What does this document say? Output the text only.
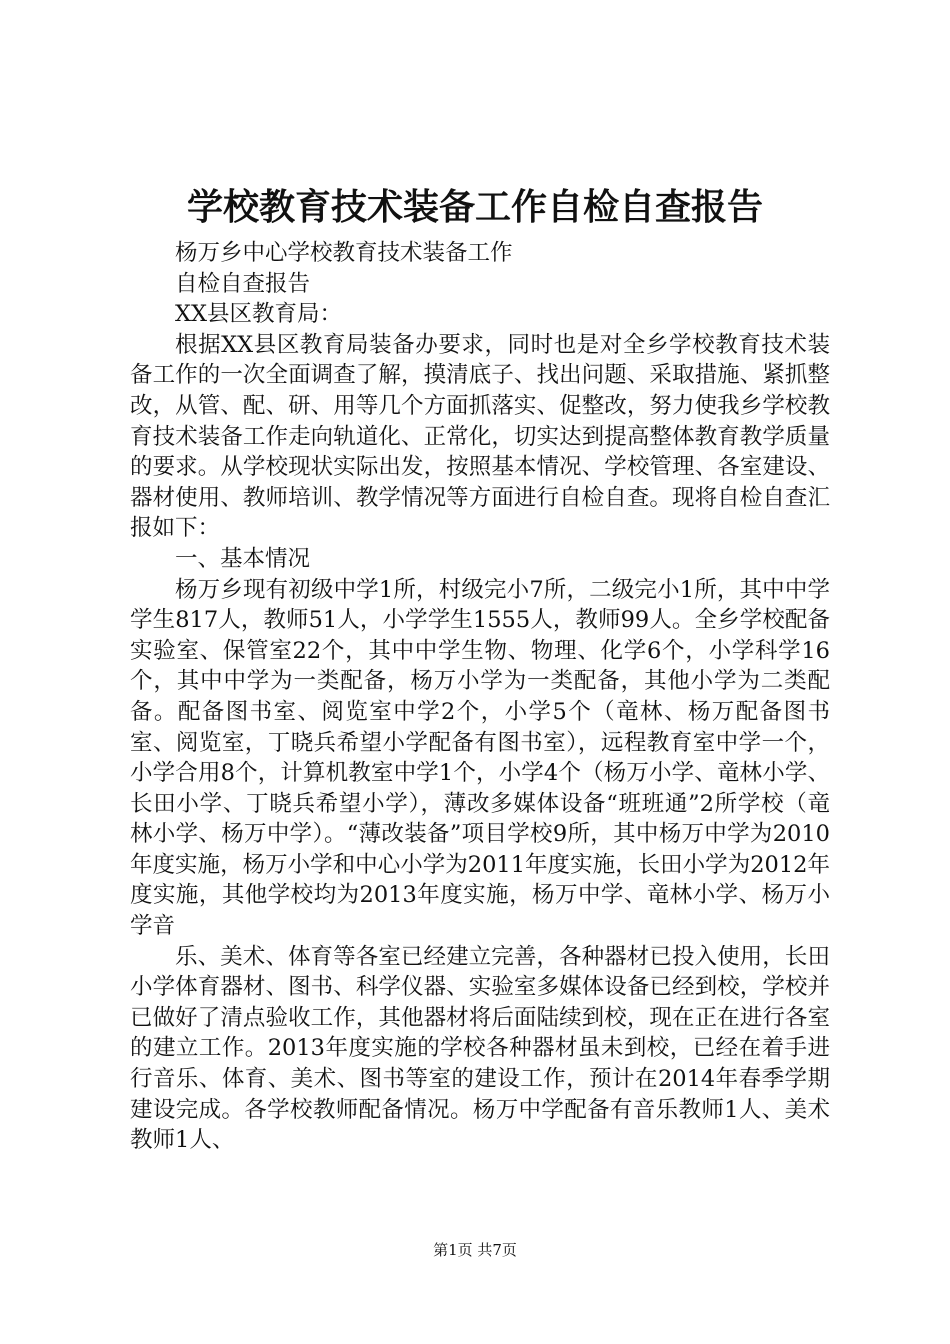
学校教育技术装备工作自检自查报告

杨万乡中心学校教育技术装备工作

自检自查报告

XX县区教育局：

根据XX县区教育局装备办要求，同时也是对全乡学校教育技术装备工作的一次全面调查了解，摸清底子、找出问题、采取措施、紧抓整改，从管、配、研、用等几个方面抓落实、促整改，努力使我乡学校教育技术装备工作走向轨道化、正常化，切实达到提高整体教育教学质量的要求。从学校现状实际出发，按照基本情况、学校管理、各室建设、器材使用、教师培训、教学情况等方面进行自检自查。现将自检自查汇报如下：

一、基本情况

杨万乡现有初级中学1所，村级完小7所，二级完小1所，其中中学学生817人，教师51人，小学学生1555人，教师99人。全乡学校配备实验室、保管室22个，其中中学生物、物理、化学6个，小学科学16个，其中中学为一类配备，杨万小学为一类配备，其他小学为二类配备。配备图书室、阅览室中学2个，小学5个（竜林、杨万配备图书室、阅览室，丁晓兵希望小学配备有图书室），远程教育室中学一个，小学合用8个，计算机教室中学1个，小学4个（杨万小学、竜林小学、长田小学、丁晓兵希望小学），薄改多媒体设备“班班通”2所学校（竜林小学、杨万中学）。“薄改装备”项目学校9所，其中杨万中学为2010年度实施，杨万小学和中心小学为2011年度实施，长田小学为2012年度实施，其他学校均为2013年度实施，杨万中学、竜林小学、杨万小学音

乐、美术、体育等各室已经建立完善，各种器材已投入使用，长田小学体育器材、图书、科学仪器、实验室多媒体设备已经到校，学校并已做好了清点验收工作，其他器材将后面陆续到校，现在正在进行各室的建立工作。2013年度实施的学校各种器材虽未到校，已经在着手进行音乐、体育、美术、图书等室的建设工作，预计在2014年春季学期建设完成。各学校教师配备情况。杨万中学配备有音乐教师1人、美术教师1人、

第1页 共7页
